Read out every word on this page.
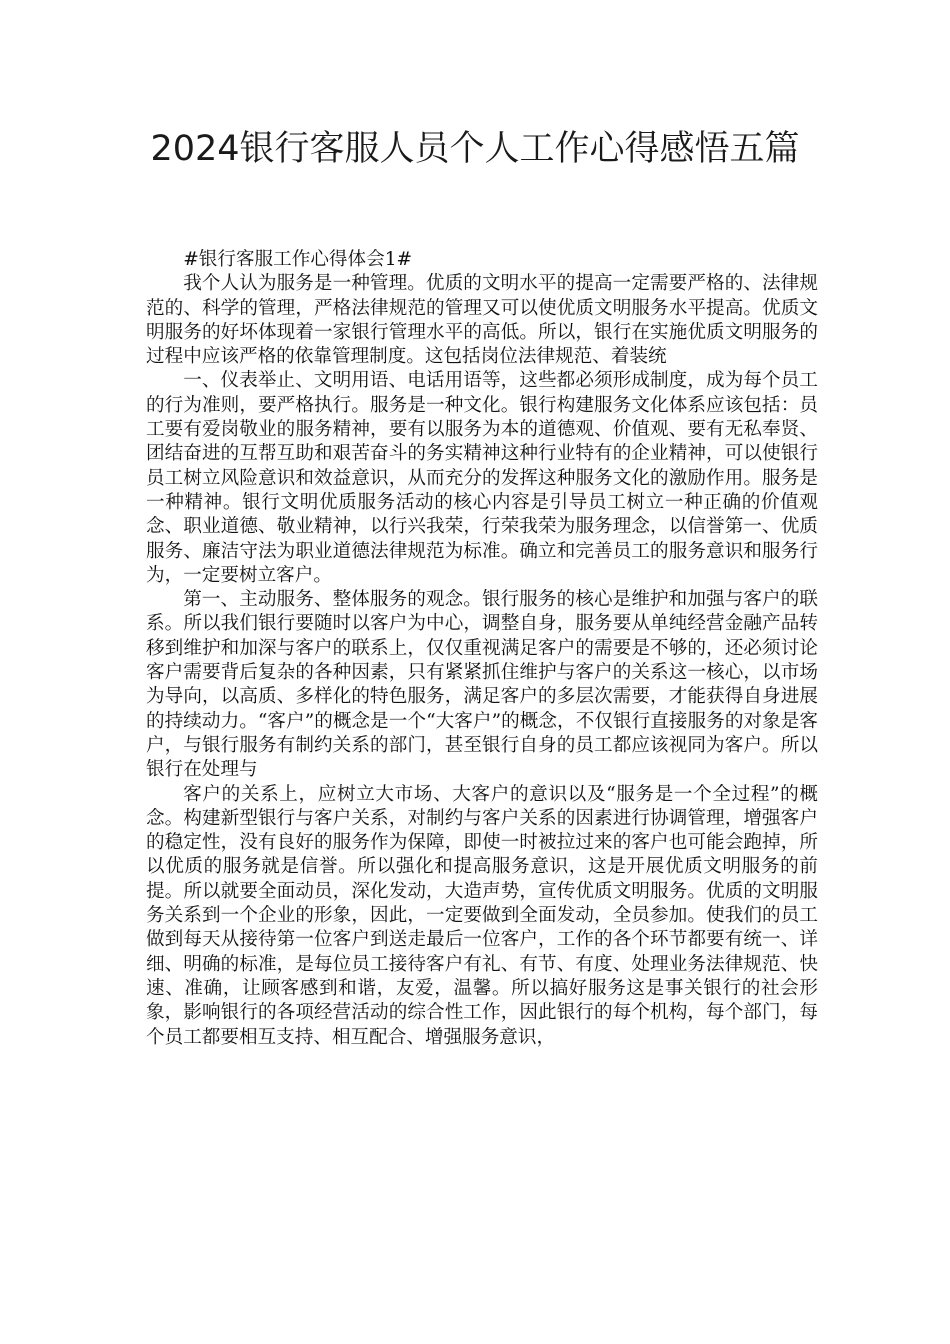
2024银行客服人员个人工作心得感悟五篇

#银行客服工作心得体会1#

我个人认为服务是一种管理。优质的文明水平的提高一定需要严格的、法律规范的、科学的管理，严格法律规范的管理又可以使优质文明服务水平提高。优质文明服务的好坏体现着一家银行管理水平的高低。所以，银行在实施优质文明服务的过程中应该严格的依靠管理制度。这包括岗位法律规范、着装统

一、仪表举止、文明用语、电话用语等，这些都必须形成制度，成为每个员工的行为准则，要严格执行。服务是一种文化。银行构建服务文化体系应该包括：员工要有爱岗敬业的服务精神，要有以服务为本的道德观、价值观、要有无私奉贤、团结奋进的互帮互助和艰苦奋斗的务实精神这种行业特有的企业精神，可以使银行员工树立风险意识和效益意识，从而充分的发挥这种服务文化的激励作用。服务是一种精神。银行文明优质服务活动的核心内容是引导员工树立一种正确的价值观念、职业道德、敬业精神，以行兴我荣，行荣我荣为服务理念，以信誉第一、优质服务、廉洁守法为职业道德法律规范为标准。确立和完善员工的服务意识和服务行为，一定要树立客户。

第一、主动服务、整体服务的观念。银行服务的核心是维护和加强与客户的联系。所以我们银行要随时以客户为中心，调整自身，服务要从单纯经营金融产品转移到维护和加深与客户的联系上，仅仅重视满足客户的需要是不够的，还必须讨论客户需要背后复杂的各种因素，只有紧紧抓住维护与客户的关系这一核心，以市场为导向，以高质、多样化的特色服务，满足客户的多层次需要，才能获得自身进展的持续动力。“客户”的概念是一个“大客户”的概念，不仅银行直接服务的对象是客户，与银行服务有制约关系的部门，甚至银行自身的员工都应该视同为客户。所以银行在处理与

客户的关系上，应树立大市场、大客户的意识以及“服务是一个全过程”的概念。构建新型银行与客户关系，对制约与客户关系的因素进行协调管理，增强客户的稳定性，没有良好的服务作为保障，即使一时被拉过来的客户也可能会跑掉，所以优质的服务就是信誉。所以强化和提高服务意识，这是开展优质文明服务的前提。所以就要全面动员，深化发动，大造声势，宣传优质文明服务。优质的文明服务关系到一个企业的形象，因此，一定要做到全面发动，全员参加。使我们的员工做到每天从接待第一位客户到送走最后一位客户，工作的各个环节都要有统一、详细、明确的标准，是每位员工接待客户有礼、有节、有度、处理业务法律规范、快速、准确，让顾客感到和谐，友爱，温馨。所以搞好服务这是事关银行的社会形象，影响银行的各项经营活动的综合性工作，因此银行的每个机构，每个部门，每个员工都要相互支持、相互配合、增强服务意识，
